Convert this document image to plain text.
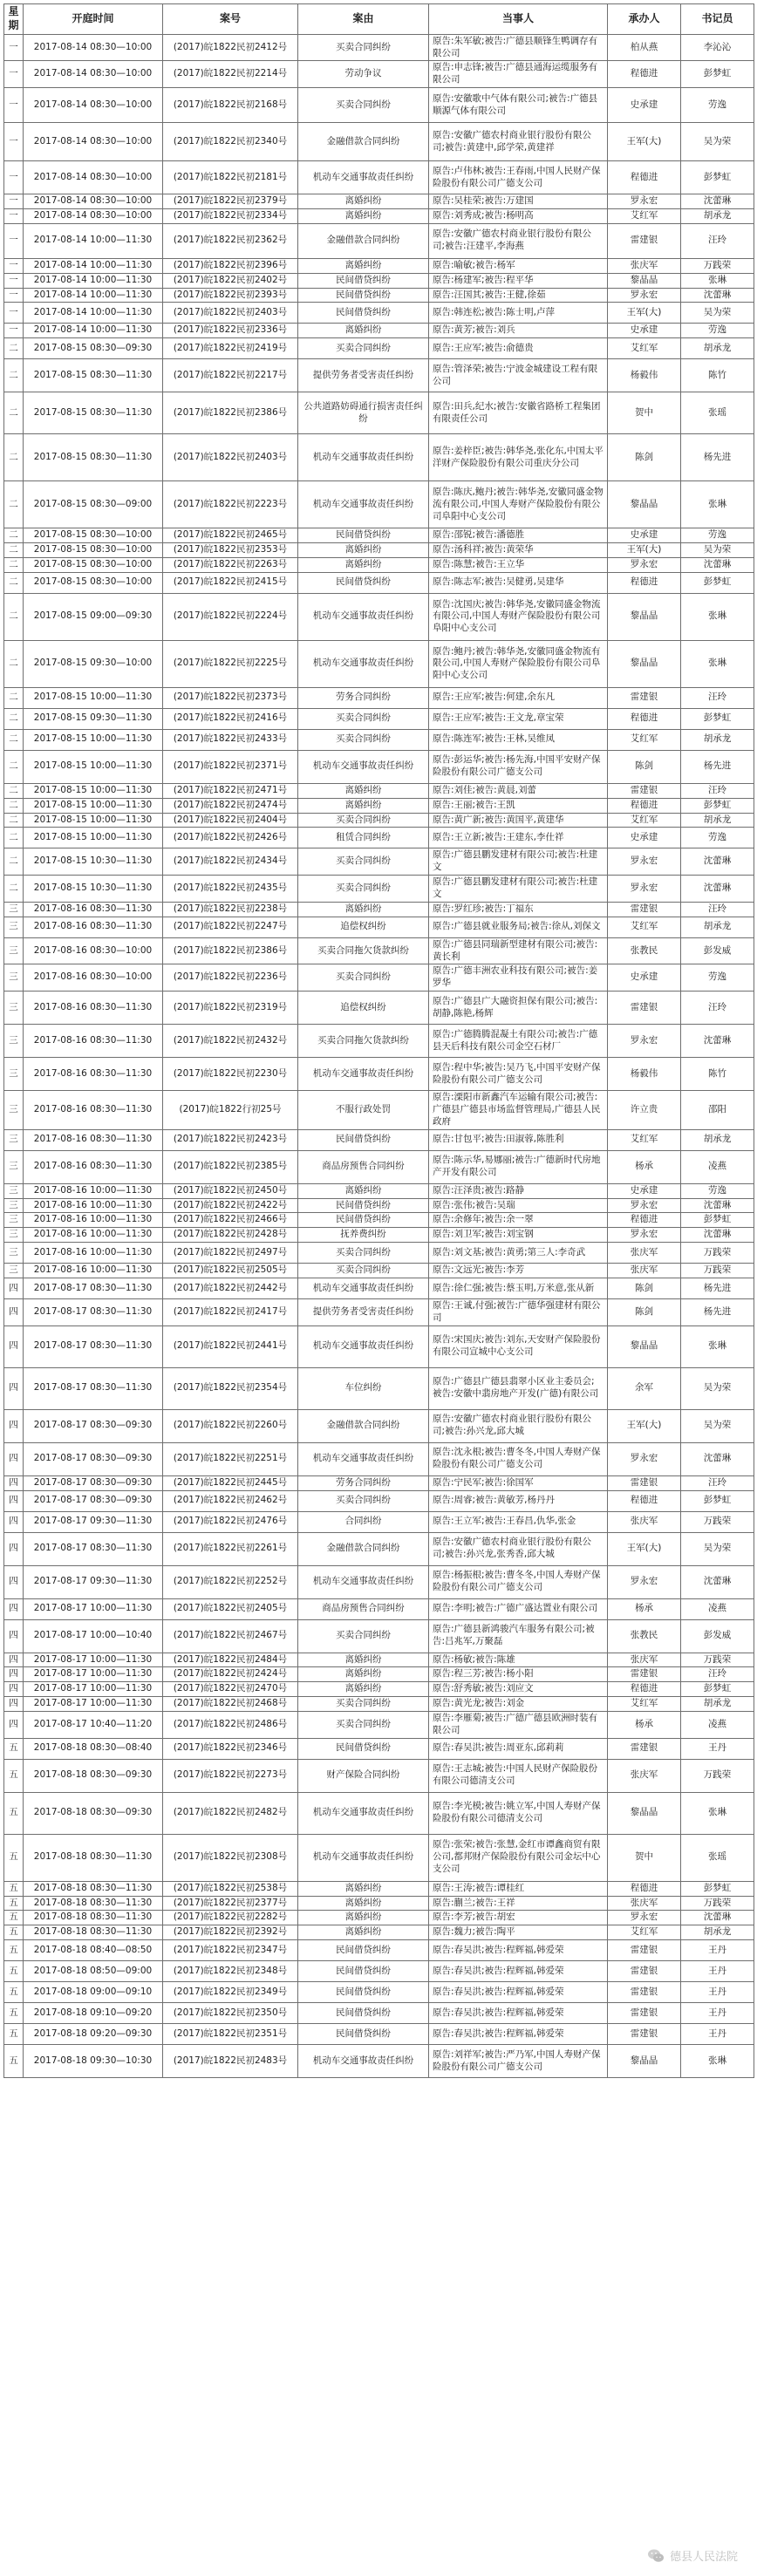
星期	开庭时间	案号	案由	当事人	承办人	书记员
一	2017-08-14 08:30—10:00	(2017)皖1822民初2412号	买卖合同纠纷	原告:朱军敏;被告:广德县顺锋生鸭调存有限公司	柏从燕	李沁沁
一	2017-08-14 08:30—10:00	(2017)皖1822民初2214号	劳动争议	原告:申志锋;被告:广德县通海运缆服务有限公司	程德进	彭梦虹
一	2017-08-14 08:30—10:00	(2017)皖1822民初2168号	买卖合同纠纷	原告:安徽歌中气体有限公司;被告:广德县顺源气体有限公司	史承建	劳逸
一	2017-08-14 08:30—10:00	(2017)皖1822民初2340号	金融借款合同纠纷	原告:安徽广德农村商业银行股份有限公司;被告:黄建中,邱学荣,黄建祥	王军(大)	吴为荣
一	2017-08-14 08:30—10:00	(2017)皖1822民初2181号	机动车交通事故责任纠纷	原告:卢伟林;被告:王春雨,中国人民财产保险股份有限公司广德支公司	程德进	彭梦虹
一	2017-08-14 08:30—10:00	(2017)皖1822民初2379号	离婚纠纷	原告:吴桂荣;被告:万建国	罗永宏	沈蕾琳
一	2017-08-14 08:30—10:00	(2017)皖1822民初2334号	离婚纠纷	原告:刘秀成;被告:杨明高	艾红军	胡承龙
一	2017-08-14 10:00—11:30	(2017)皖1822民初2362号	金融借款合同纠纷	原告:安徽广德农村商业银行股份有限公司;被告:汪建平,李海燕	雷建银	汪玲
一	2017-08-14 10:00—11:30	(2017)皖1822民初2396号	离婚纠纷	原告:喻敏;被告:杨军	张庆军	万践荣
一	2017-08-14 10:00—11:30	(2017)皖1822民初2402号	民间借贷纠纷	原告:杨建军;被告:程平华	黎晶晶	张琳
一	2017-08-14 10:00—11:30	(2017)皖1822民初2393号	民间借贷纠纷	原告:汪国其;被告:王健,徐茹	罗永宏	沈蕾琳
一	2017-08-14 10:00—11:30	(2017)皖1822民初2403号	民间借贷纠纷	原告:韩连松;被告:陈士明,卢萍	王军(大)	吴为荣
一	2017-08-14 10:00—11:30	(2017)皖1822民初2336号	离婚纠纷	原告:黄芳;被告:刘兵	史承建	劳逸
二	2017-08-15 08:30—09:30	(2017)皖1822民初2419号	买卖合同纠纷	原告:王应军;被告:俞德贵	艾红军	胡承龙
二	2017-08-15 08:30—11:30	(2017)皖1822民初2217号	提供劳务者受害责任纠纷	原告:管泽荣;被告:宁波金城建设工程有限公司	杨毅伟	陈竹
二	2017-08-15 08:30—11:30	(2017)皖1822民初2386号	公共道路妨碍通行损害责任纠纷	原告:田兵,纪水;被告:安徽省路桥工程集团有限责任公司	贺中	张瑶
二	2017-08-15 08:30—11:30	(2017)皖1822民初2403号	机动车交通事故责任纠纷	原告:姜梓臣;被告:韩华尧,张化东,中国太平洋财产保险股份有限公司重庆分公司	陈剑	杨先进
二	2017-08-15 08:30—09:00	(2017)皖1822民初2223号	机动车交通事故责任纠纷	原告:陈庆,鲍丹;被告:韩华尧,安徽同盛金物流有限公司,中国人寿财产保险股份有限公司阜阳中心支公司	黎晶晶	张琳
二	2017-08-15 08:30—10:00	(2017)皖1822民初2465号	民间借贷纠纷	原告:邵锐;被告:潘德胜	史承建	劳逸
二	2017-08-15 08:30—10:00	(2017)皖1822民初2353号	离婚纠纷	原告:汤科祥;被告:黄荣华	王军(大)	吴为荣
二	2017-08-15 08:30—10:00	(2017)皖1822民初2263号	离婚纠纷	原告:陈慧;被告:王立华	罗永宏	沈蕾琳
二	2017-08-15 08:30—10:00	(2017)皖1822民初2415号	民间借贷纠纷	原告:陈志军;被告:吴健勇,吴建华	程德进	彭梦虹
二	2017-08-15 09:00—09:30	(2017)皖1822民初2224号	机动车交通事故责任纠纷	原告:沈国庆;被告:韩华尧,安徽同盛金物流有限公司,中国人寿财产保险股份有限公司阜阳中心支公司	黎晶晶	张琳
二	2017-08-15 09:30—10:00	(2017)皖1822民初2225号	机动车交通事故责任纠纷	原告:鲍丹;被告:韩华尧,安徽同盛金物流有限公司,中国人寿财产保险股份有限公司阜阳中心支公司	黎晶晶	张琳
二	2017-08-15 10:00—11:30	(2017)皖1822民初2373号	劳务合同纠纷	原告:王应军;被告:何建,余东凡	雷建银	汪玲
二	2017-08-15 09:30—11:30	(2017)皖1822民初2416号	买卖合同纠纷	原告:王应军;被告:王文龙,章宝荣	程德进	彭梦虹
二	2017-08-15 10:00—11:30	(2017)皖1822民初2433号	买卖合同纠纷	原告:陈连军;被告:王林,吴维凤	艾红军	胡承龙
二	2017-08-15 10:00—11:30	(2017)皖1822民初2371号	机动车交通事故责任纠纷	原告:彭运华;被告:杨先海,中国平安财产保险股份有限公司广德支公司	陈剑	杨先进
二	2017-08-15 10:00—11:30	(2017)皖1822民初2471号	离婚纠纷	原告:刘佳;被告:黄晨,刘蕾	雷建银	汪玲
二	2017-08-15 10:00—11:30	(2017)皖1822民初2474号	离婚纠纷	原告:王丽;被告:王凯	程德进	彭梦虹
二	2017-08-15 10:00—11:30	(2017)皖1822民初2404号	买卖合同纠纷	原告:黄广新;被告:黄国平,黄建华	艾红军	胡承龙
二	2017-08-15 10:00—11:30	(2017)皖1822民初2426号	租赁合同纠纷	原告:王立新;被告:王建东,李仕祥	史承建	劳逸
二	2017-08-15 10:30—11:30	(2017)皖1822民初2434号	买卖合同纠纷	原告:广德县鹏发建材有限公司;被告:杜建文	罗永宏	沈蕾琳
二	2017-08-15 10:30—11:30	(2017)皖1822民初2435号	买卖合同纠纷	原告:广德县鹏发建材有限公司;被告:杜建文	罗永宏	沈蕾琳
三	2017-08-16 08:30—11:30	(2017)皖1822民初2238号	离婚纠纷	原告:罗红珍;被告:丁福东	雷建银	汪玲
三	2017-08-16 08:30—11:30	(2017)皖1822民初2247号	追偿权纠纷	原告:广德县就业服务局;被告:徐从,刘保文	艾红军	胡承龙
三	2017-08-16 08:30—10:00	(2017)皖1822民初2386号	买卖合同拖欠货款纠纷	原告:广德县同瑞新型建材有限公司;被告:黄长利	张教民	彭发威
三	2017-08-16 08:30—10:00	(2017)皖1822民初2236号	买卖合同纠纷	原告:广德丰洲农业科技有限公司;被告:姜罗华	史承建	劳逸
三	2017-08-16 08:30—11:30	(2017)皖1822民初2319号	追偿权纠纷	原告:广德县广大融资担保有限公司;被告:胡静,陈艳,杨辉	雷建银	汪玲
三	2017-08-16 08:30—11:30	(2017)皖1822民初2432号	买卖合同拖欠货款纠纷	原告:广德腾腾混凝土有限公司;被告:广德县天后科技有限公司金空石材厂	罗永宏	沈蕾琳
三	2017-08-16 08:30—11:30	(2017)皖1822民初2230号	机动车交通事故责任纠纷	原告:程中华;被告:吴乃飞,中国平安财产保险股份有限公司广德支公司	杨毅伟	陈竹
三	2017-08-16 08:30—11:30	(2017)皖1822行初25号	不服行政处罚	原告:溧阳市新鑫汽车运输有限公司;被告:广德县广德县市场监督管理局,广德县人民政府	许立贵	邵阳
三	2017-08-16 08:30—11:30	(2017)皖1822民初2423号	民间借贷纠纷	原告:甘包平;被告:田淑蓉,陈胜利	艾红军	胡承龙
三	2017-08-16 08:30—11:30	(2017)皖1822民初2385号	商品房预售合同纠纷	原告:陈示华,易娜丽;被告:广德新时代房地产开发有限公司	杨承	凌燕
三	2017-08-16 10:00—11:30	(2017)皖1822民初2450号	离婚纠纷	原告:汪泽贵;被告:路静	史承建	劳逸
三	2017-08-16 10:00—11:30	(2017)皖1822民初2422号	民间借贷纠纷	原告:张伟;被告:吴瑞	罗永宏	沈蕾琳
三	2017-08-16 10:00—11:30	(2017)皖1822民初2466号	民间借贷纠纷	原告:余修年;被告:余一翠	程德进	彭梦虹
三	2017-08-16 10:00—11:30	(2017)皖1822民初2428号	抚养费纠纷	原告:刘卫军;被告:刘宝钢	罗永宏	沈蕾琳
三	2017-08-16 10:00—11:30	(2017)皖1822民初2497号	买卖合同纠纷	原告:刘文基;被告:黄勇;第三人:李奇武	张庆军	万践荣
三	2017-08-16 10:00—11:30	(2017)皖1822民初2505号	买卖合同纠纷	原告:文远光;被告:李芳	张庆军	万践荣
四	2017-08-17 08:30—11:30	(2017)皖1822民初2442号	机动车交通事故责任纠纷	原告:徐仁强;被告:蔡玉明,万米意,张从新	陈剑	杨先进
四	2017-08-17 08:30—11:30	(2017)皖1822民初2417号	提供劳务者受害责任纠纷	原告:王诚,付强;被告:广德华强建材有限公司	陈剑	杨先进
四	2017-08-17 08:30—11:30	(2017)皖1822民初2441号	机动车交通事故责任纠纷	原告:宋国庆;被告:刘东,天安财产保险股份有限公司宣城中心支公司	黎晶晶	张琳
四	2017-08-17 08:30—11:30	(2017)皖1822民初2354号	车位纠纷	原告:广德县广德县翡翠小区业主委员会;被告:安徽中翡房地产开发(广德)有限公司	余军	吴为荣
四	2017-08-17 08:30—09:30	(2017)皖1822民初2260号	金融借款合同纠纷	原告:安徽广德农村商业银行股份有限公司;被告:孙兴龙,邱大城	王军(大)	吴为荣
四	2017-08-17 08:30—09:30	(2017)皖1822民初2251号	机动车交通事故责任纠纷	原告:沈永根;被告:曹冬冬,中国人寿财产保险股份有限公司广德支公司	罗永宏	沈蕾琳
四	2017-08-17 08:30—09:30	(2017)皖1822民初2445号	劳务合同纠纷	原告:宁民军;被告:徐国军	雷建银	汪玲
四	2017-08-17 08:30—09:30	(2017)皖1822民初2462号	买卖合同纠纷	原告:周睿;被告:黄敏芳,杨丹丹	程德进	彭梦虹
四	2017-08-17 09:30—11:30	(2017)皖1822民初2476号	合同纠纷	原告:王立军;被告:王春昌,仇华,张金	张庆军	万践荣
四	2017-08-17 08:30—11:30	(2017)皖1822民初2261号	金融借款合同纠纷	原告:安徽广德农村商业银行股份有限公司;被告:孙兴龙,张秀香,邱大城	王军(大)	吴为荣
四	2017-08-17 09:30—11:30	(2017)皖1822民初2252号	机动车交通事故责任纠纷	原告:杨振根;被告:曹冬冬,中国人寿财产保险股份有限公司广德支公司	罗永宏	沈蕾琳
四	2017-08-17 10:00—11:30	(2017)皖1822民初2405号	商品房预售合同纠纷	原告:李明;被告:广德广盛达置业有限公司	杨承	凌燕
四	2017-08-17 10:00—10:40	(2017)皖1822民初2467号	买卖合同纠纷	原告:广德县新鸿骏汽车服务有限公司;被告:吕兆军,万聚磊	张教民	彭发威
四	2017-08-17 10:00—11:30	(2017)皖1822民初2484号	离婚纠纷	原告:杨敏;被告:陈雄	张庆军	万践荣
四	2017-08-17 10:00—11:30	(2017)皖1822民初2424号	离婚纠纷	原告:程三芳;被告:杨小阳	雷建银	汪玲
四	2017-08-17 10:00—11:30	(2017)皖1822民初2470号	离婚纠纷	原告:舒秀敏;被告:刘应文	程德进	彭梦虹
四	2017-08-17 10:00—11:30	(2017)皖1822民初2468号	买卖合同纠纷	原告:黄光龙;被告:刘金	艾红军	胡承龙
四	2017-08-17 10:40—11:20	(2017)皖1822民初2486号	买卖合同纠纷	原告:李雁菊;被告:广德广德县欧洲时装有限公司	杨承	凌燕
五	2017-08-18 08:30—08:40	(2017)皖1822民初2346号	民间借贷纠纷	原告:春吴洪;被告:周亚东,邱莉莉	雷建银	王丹
五	2017-08-18 08:30—09:30	(2017)皖1822民初2273号	财产保险合同纠纷	原告:王志城;被告:中国人民财产保险股份有限公司德清支公司	张庆军	万践荣
五	2017-08-18 08:30—09:30	(2017)皖1822民初2482号	机动车交通事故责任纠纷	原告:李光模;被告:姚立军,中国人寿财产保险股份有限公司德清支公司	黎晶晶	张琳
五	2017-08-18 08:30—11:30	(2017)皖1822民初2308号	机动车交通事故责任纠纷	原告:张荣;被告:张慧,金红市谭鑫商贸有限公司,都邦财产保险股份有限公司金坛中心支公司	贺中	张瑶
五	2017-08-18 08:30—11:30	(2017)皖1822民初2538号	离婚纠纷	原告:王涛;被告:谭桂红	程德进	彭梦虹
五	2017-08-18 08:30—11:30	(2017)皖1822民初2377号	离婚纠纷	原告:蒯兰;被告:王祥	张庆军	万践荣
五	2017-08-18 08:30—11:30	(2017)皖1822民初2282号	离婚纠纷	原告:李芳;被告:胡宏	罗永宏	沈蕾琳
五	2017-08-18 08:30—11:30	(2017)皖1822民初2392号	离婚纠纷	原告:魏力;被告:陶平	艾红军	胡承龙
五	2017-08-18 08:40—08:50	(2017)皖1822民初2347号	民间借贷纠纷	原告:春吴洪;被告:程辉福,韩爱荣	雷建银	王丹
五	2017-08-18 08:50—09:00	(2017)皖1822民初2348号	民间借贷纠纷	原告:春吴洪;被告:程辉福,韩爱荣	雷建银	王丹
五	2017-08-18 09:00—09:10	(2017)皖1822民初2349号	民间借贷纠纷	原告:春吴洪;被告:程辉福,韩爱荣	雷建银	王丹
五	2017-08-18 09:10—09:20	(2017)皖1822民初2350号	民间借贷纠纷	原告:春吴洪;被告:程辉福,韩爱荣	雷建银	王丹
五	2017-08-18 09:20—09:30	(2017)皖1822民初2351号	民间借贷纠纷	原告:春吴洪;被告:程辉福,韩爱荣	雷建银	王丹
五	2017-08-18 09:30—10:30	(2017)皖1822民初2483号	机动车交通事故责任纠纷	原告:刘祥军;被告:严乃军,中国人寿财产保险股份有限公司广德支公司	黎晶晶	张琳
德县人民法院
